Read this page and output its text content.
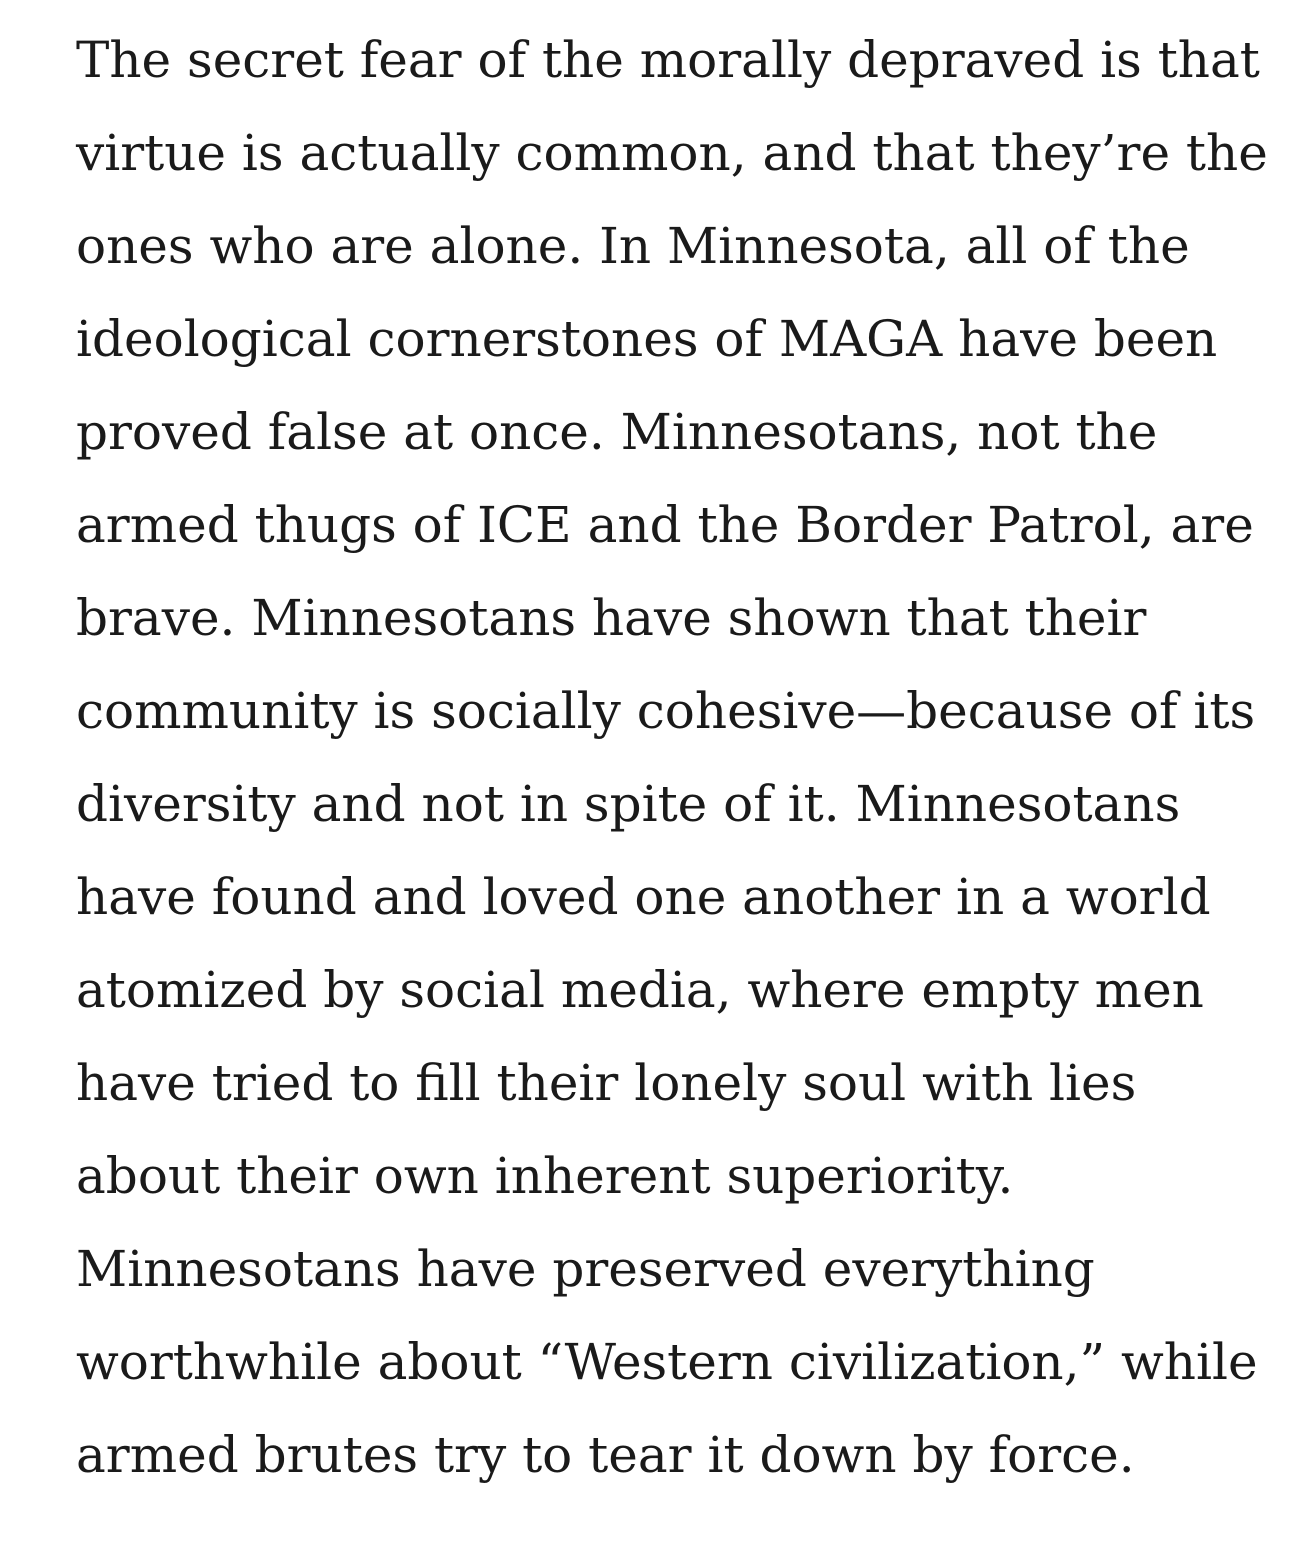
The secret fear of the morally depraved is that
virtue is actually common, and that they’re the
ones who are alone. In Minnesota, all of the
ideological cornerstones of MAGA have been
proved false at once. Minnesotans, not the
armed thugs of ICE and the Border Patrol, are
brave. Minnesotans have shown that their
community is socially cohesive—because of its
diversity and not in spite of it. Minnesotans
have found and loved one another in a world
atomized by social media, where empty men
have tried to fill their lonely soul with lies
about their own inherent superiority.
Minnesotans have preserved everything
worthwhile about “Western civilization,” while
armed brutes try to tear it down by force.
